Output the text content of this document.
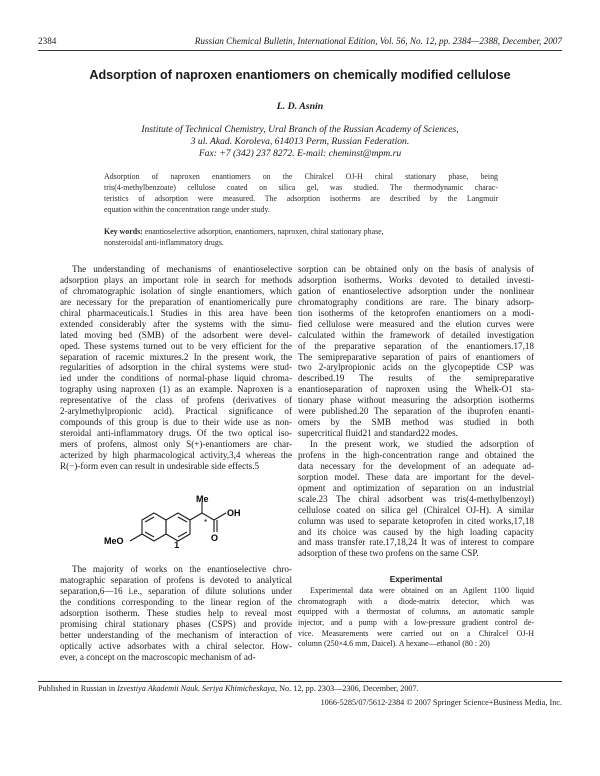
2384	Russian Chemical Bulletin, International Edition, Vol. 56, No. 12, pp. 2384—2388, December, 2007
Adsorption of naproxen enantiomers on chemically modified cellulose
L. D. Asnin
Institute of Technical Chemistry, Ural Branch of the Russian Academy of Sciences,
3 ul. Akad. Koroleva, 614013 Perm, Russian Federation.
Fax: +7 (342) 237 8272. E-mail: cheminst@mpm.ru
Adsorption of naproxen enantiomers on the Chiralcel OJ-H chiral stationary phase, being
tris(4-methylbenzoate) cellulose coated on silica gel, was studied. The thermodynamic charac-
teristics of adsorption were measured. The adsorption isotherms are described by the Langmuir
equation within the concentration range under study.
Key words: enantioselective adsorption, enantiomers, naproxen, chiral stationary phase,
nonsteroidal anti-inflammatory drugs.
The understanding of mechanisms of enantioselective
adsorption plays an important role in search for methods
of chromatographic isolation of single enantiomers, which
are necessary for the preparation of enantiomerically pure
chiral pharmaceuticals.1 Studies in this area have been
extended considerably after the systems with the simu-
lated moving bed (SMB) of the adsorbent were devel-
oped. These systems turned out to be very efficient for the
separation of racemic mixtures.2 In the present work, the
regularities of adsorption in the chiral systems were stud-
ied under the conditions of normal-phase liquid chroma-
tography using naproxen (1) as an example. Naproxen is a
representative of the class of profens (derivatives of
2-arylmethylpropionic acid). Practical significance of
compounds of this group is due to their wide use as non-
steroidal anti-inflammatory drugs. Of the two optical iso-
mers of profens, almost only S(+)-enantiomers are char-
acterized by high pharmacological activity,3,4 whereas the
R(−)-form even can result in undesirable side effects.5
Me
*
OH
O
MeO	1
The majority of works on the enantioselective chro-
matographic separation of profens is devoted to analytical
separation,6—16 i.e., separation of dilute solutions under
the conditions corresponding to the linear region of the
adsorption isotherm. These studies help to reveal most
promising chiral stationary phases (CSPS) and provide
better understanding of the mechanism of interaction of
optically active adsorbates with a chiral selector. How-
ever, a concept on the macroscopic mechanism of ad-
sorption can be obtained only on the basis of analysis of
adsorption isotherms. Works devoted to detailed investi-
gation of enantioselective adsorption under the nonlinear
chromatography conditions are rare. The binary adsorp-
tion isotherms of the ketoprofen enantiomers on a modi-
fied cellulose were measured and the elution curves were
calculated within the framework of detailed investigation
of the preparative separation of the enantiomers.17,18
The semipreparative separation of pairs of enantiomers of
two 2-arylpropionic acids on the glycopeptide CSP was
described.19 The results of the semipreparative
enantioseparation of naproxen using the Whelk-O1 sta-
tionary phase without measuring the adsorption isotherms
were published.20 The separation of the ibuprofen enanti-
omers by the SMB method was studied in both
supercritical fluid21 and standard22 modes.
In the present work, we studied the adsorption of
profens in the high-concentration range and obtained the
data necessary for the development of an adequate ad-
sorption model. These data are important for the devel-
opment and optimization of separation on an industrial
scale.23 The chiral adsorbent was tris(4-methylbenzoyl)
cellulose coated on silica gel (Chiralcel OJ-H). A similar
column was used to separate ketoprofen in cited works,17,18
and its choice was caused by the high loading capacity
and mass transfer rate.17,18,24 It was of interest to compare
adsorption of these two profens on the same CSP.
Experimental
Experimental data were obtained on an Agilent 1100 liquid
chromatograph with a diode-matrix detector, which was
equipped with a thermostat of columns, an automatic sample
injector, and a pump with a low-pressure gradient control de-
vice. Measurements were carried out on a Chiralcel OJ-H
column (250×4.6 mm, Daicel). A hexane—ethanol (80 : 20)
Published in Russian in Izvestiya Akademii Nauk. Seriya Khimicheskaya, No. 12, pp. 2303—2306, December, 2007.
1066-5285/07/5612-2384 © 2007 Springer Science+Business Media, Inc.
